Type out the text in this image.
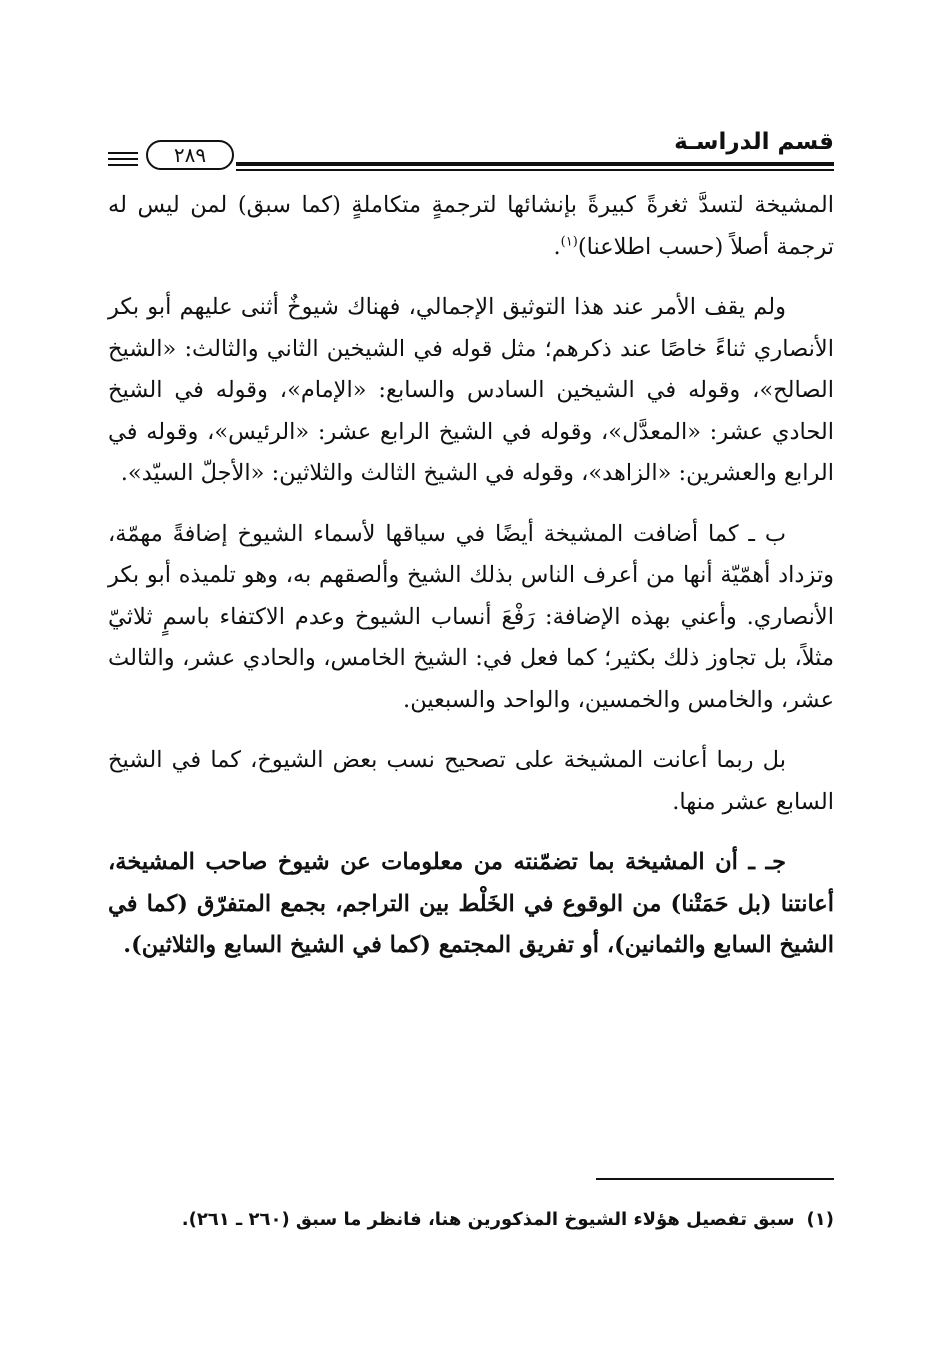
قسم الدراسـة
٢٨٩

المشيخة لتسدَّ ثغرةً كبيرةً بإنشائها لترجمةٍ متكاملةٍ (كما سبق) لمن ليس له ترجمة أصلاً (حسب اطلاعنا)$^{(١)}$.

ولم يقف الأمر عند هذا التوثيق الإجمالي، فهناك شيوخٌ أثنى عليهم أبو بكر الأنصاري ثناءً خاصًا عند ذكرهم؛ مثل قوله في الشيخين الثاني والثالث: «الشيخ الصالح»، وقوله في الشيخين السادس والسابع: «الإمام»، وقوله في الشيخ الحادي عشر: «المعدَّل»، وقوله في الشيخ الرابع عشر: «الرئيس»، وقوله في الرابع والعشرين: «الزاهد»، وقوله في الشيخ الثالث والثلاثين: «الأجلّ السيّد».

ب ـ كما أضافت المشيخة أيضًا في سياقها لأسماء الشيوخ إضافةً مهمّة، وتزداد أهمّيّة أنها من أعرف الناس بذلك الشيخ وألصقهم به، وهو تلميذه أبو بكر الأنصاري. وأعني بهذه الإضافة: رَفْعَ أنساب الشيوخ وعدم الاكتفاء باسمٍ ثلاثيّ مثلاً، بل تجاوز ذلك بكثير؛ كما فعل في: الشيخ الخامس، والحادي عشر، والثالث عشر، والخامس والخمسين، والواحد والسبعين.

بل ربما أعانت المشيخة على تصحيح نسب بعض الشيوخ، كما في الشيخ السابع عشر منها.

جـ ـ أن المشيخة بما تضمّنته من معلومات عن شيوخ صاحب المشيخة، أعانتنا (بل حَمَتْنا) من الوقوع في الخَلْط بين التراجم، بجمع المتفرّق (كما في الشيخ السابع والثمانين)، أو تفريق المجتمع (كما في الشيخ السابع والثلاثين).

(١)سبق تفصيل هؤلاء الشيوخ المذكورين هنا، فانظر ما سبق (٢٦٠ ـ ٢٦١).
